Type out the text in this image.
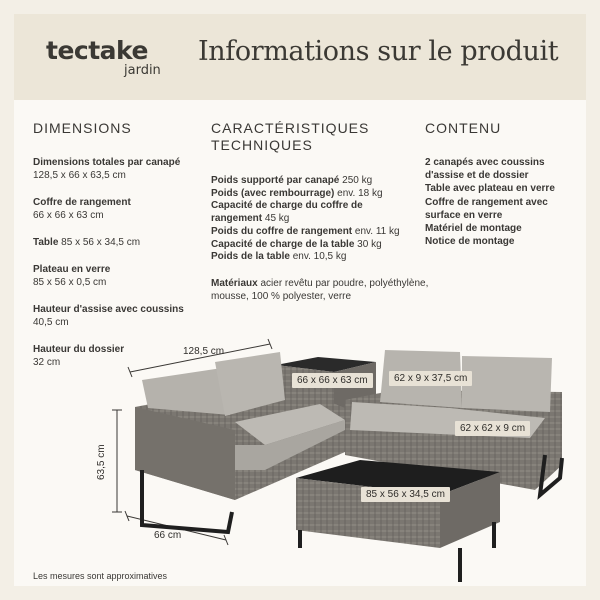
tectake
jardin
Informations sur le produit
DIMENSIONS	CARACTÉRISTIQUES
TECHNIQUES
CONTENU
Dimensions totales par canapé
128,5 x 66 x 63,5 cm
Coffre de rangement
66 x 66 x 63 cm
Table 85 x 56 x 34,5 cm
Plateau en verre
85 x 56 x 0,5 cm
Hauteur d'assise avec coussins
40,5 cm
Hauteur du dossier
32 cm
Poids supporté par canapé 250 kg
Poids (avec rembourrage) env. 18 kg
Capacité de charge du coffre de rangement 45 kg
Poids du coffre de rangement env. 11 kg
Capacité de charge de la table 30 kg
Poids de la table env. 10,5 kg
Matériaux acier revêtu par poudre, polyéthylène, mousse, 100 % polyester, verre
2 canapés avec coussins d'assise et de dossier
Table avec plateau en verre
Coffre de rangement avec surface en verre
Matériel de montage
Notice de montage
128,5 cm
63,5 cm
66 cm
66 x 66 x 63 cm	62 x 9 x 37,5 cm
62 x 62 x 9 cm
85 x 56 x 34,5 cm
Les mesures sont approximatives
